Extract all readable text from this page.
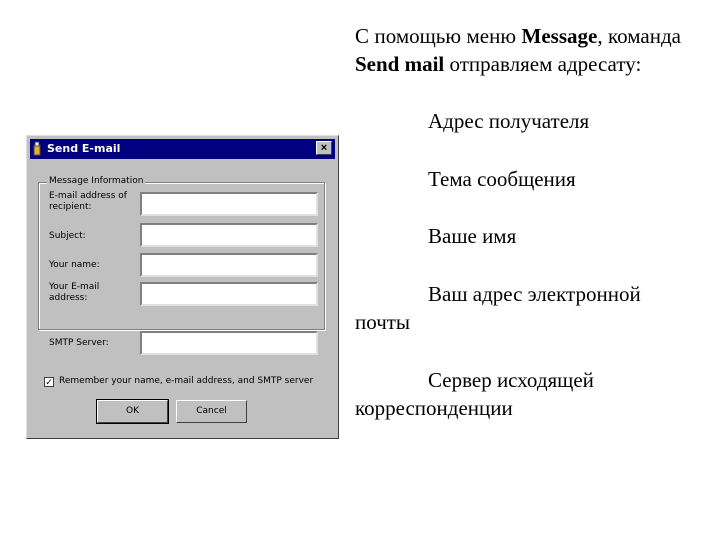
Send E-mail	×
Message Information
E-mail address of recipient:
Subject:
Your name:
Your E-mail address:
SMTP Server:
✓ Remember your name, e-mail address, and SMTP server
OK	Cancel

С помощью меню Message, команда Send mail отправляем адресату:

Адрес получателя

Тема сообщения

Ваше имя

Ваш адрес электронной

почты

Сервер исходящей

корреспонденции
